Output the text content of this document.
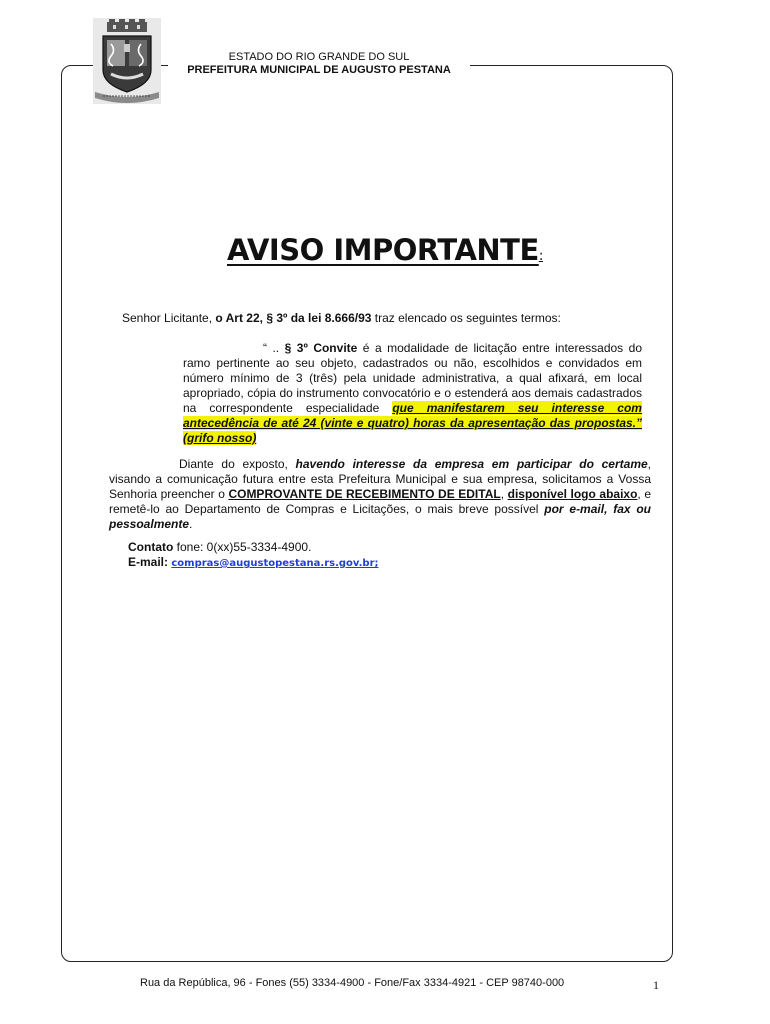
ESTADO DO RIO GRANDE DO SUL
PREFEITURA MUNICIPAL DE AUGUSTO PESTANA
AVISO IMPORTANTE:
Senhor Licitante, o Art 22, § 3º da lei 8.666/93 traz elencado os seguintes termos:
“ .. § 3º Convite é a modalidade de licitação entre interessados do ramo pertinente ao seu objeto, cadastrados ou não, escolhidos e convidados em número mínimo de 3 (três) pela unidade administrativa, a qual afixará, em local apropriado, cópia do instrumento convocatório e o estenderá aos demais cadastrados na correspondente especialidade que manifestarem seu interesse com antecedência de até 24 (vinte e quatro) horas da apresentação das propostas.” (grifo nosso)
Diante do exposto, havendo interesse da empresa em participar do certame, visando a comunicação futura entre esta Prefeitura Municipal e sua empresa, solicitamos a Vossa Senhoria preencher o COMPROVANTE DE RECEBIMENTO DE EDITAL, disponível logo abaixo, e remetê-lo ao Departamento de Compras e Licitações, o mais breve possível por e-mail, fax ou pessoalmente.
Contato fone: 0(xx)55-3334-4900.
E-mail: compras@augustopestana.rs.gov.br;
Rua da República, 96 - Fones (55) 3334-4900 - Fone/Fax 3334-4921 - CEP 98740-000	1
